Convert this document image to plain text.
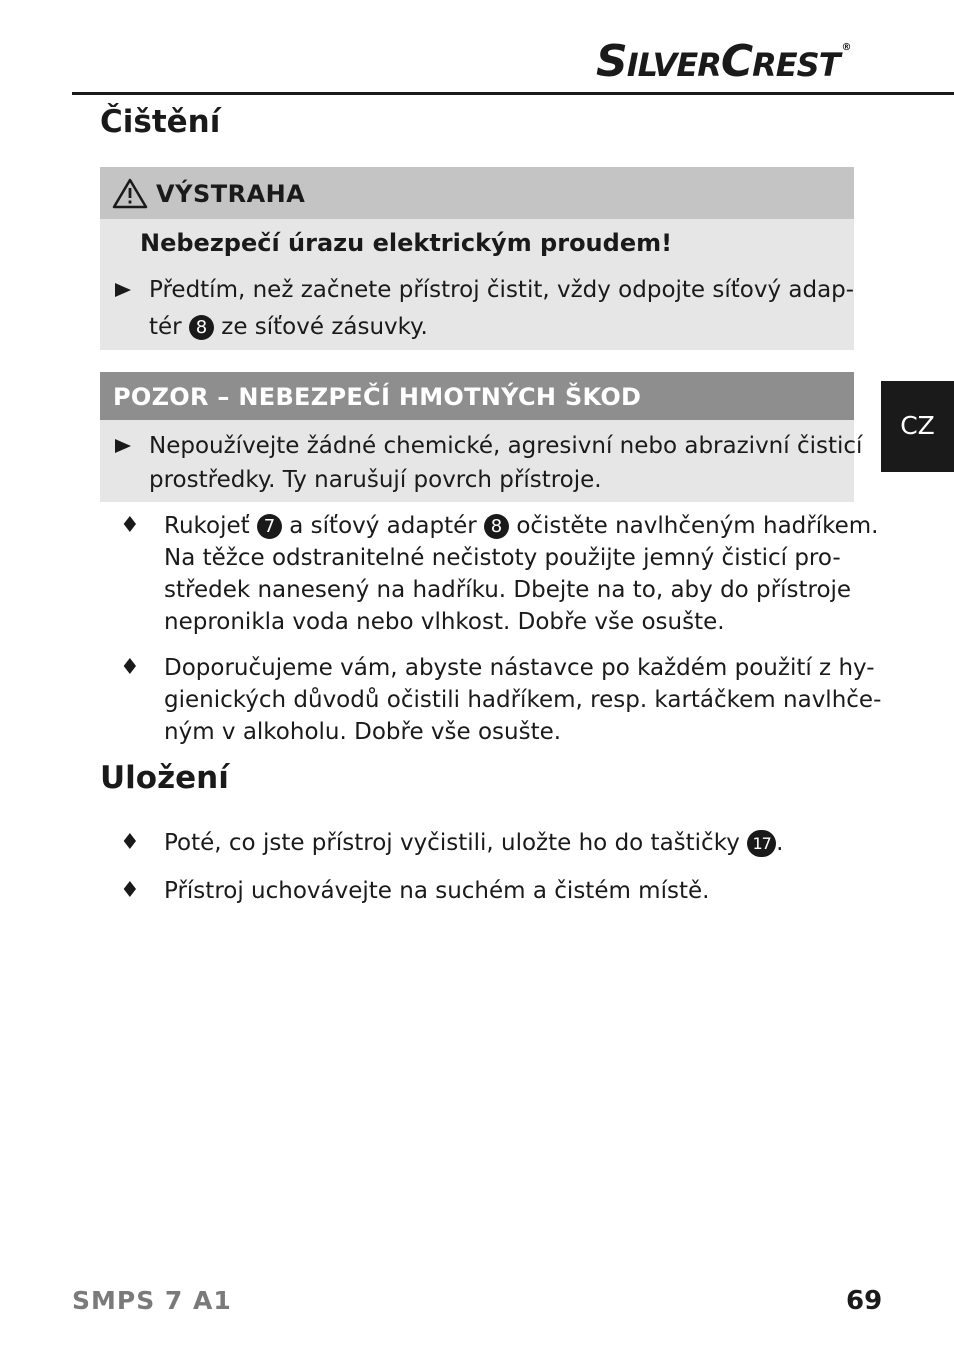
SILVERCREST ®
Čištění
VÝSTRAHA
Nebezpečí úrazu elektrickým proudem!
Předtím, než začnete přístroj čistit, vždy odpojte síťový adap-
tér 8 ze síťové zásuvky.
POZOR – NEBEZPEČÍ HMOTNÝCH ŠKOD
Nepoužívejte žádné chemické, agresivní nebo abrazivní čisticí
prostředky. Ty narušují povrch přístroje.
♦ Rukojeť 7 a síťový adaptér 8 očistěte navlhčeným hadříkem.
Na těžce odstranitelné nečistoty použijte jemný čisticí pro-
středek nanesený na hadříku. Dbejte na to, aby do přístroje
nepronikla voda nebo vlhkost. Dobře vše osušte.
♦ Doporučujeme vám, abyste nástavce po každém použití z hy-
gienických důvodů očistili hadříkem, resp. kartáčkem navlhče-
ným v alkoholu. Dobře vše osušte.
Uložení
♦ Poté, co jste přístroj vyčistili, uložte ho do taštičky 17 .
♦ Přístroj uchovávejte na suchém a čistém místě.
CZ
SMPS 7 A1	69
